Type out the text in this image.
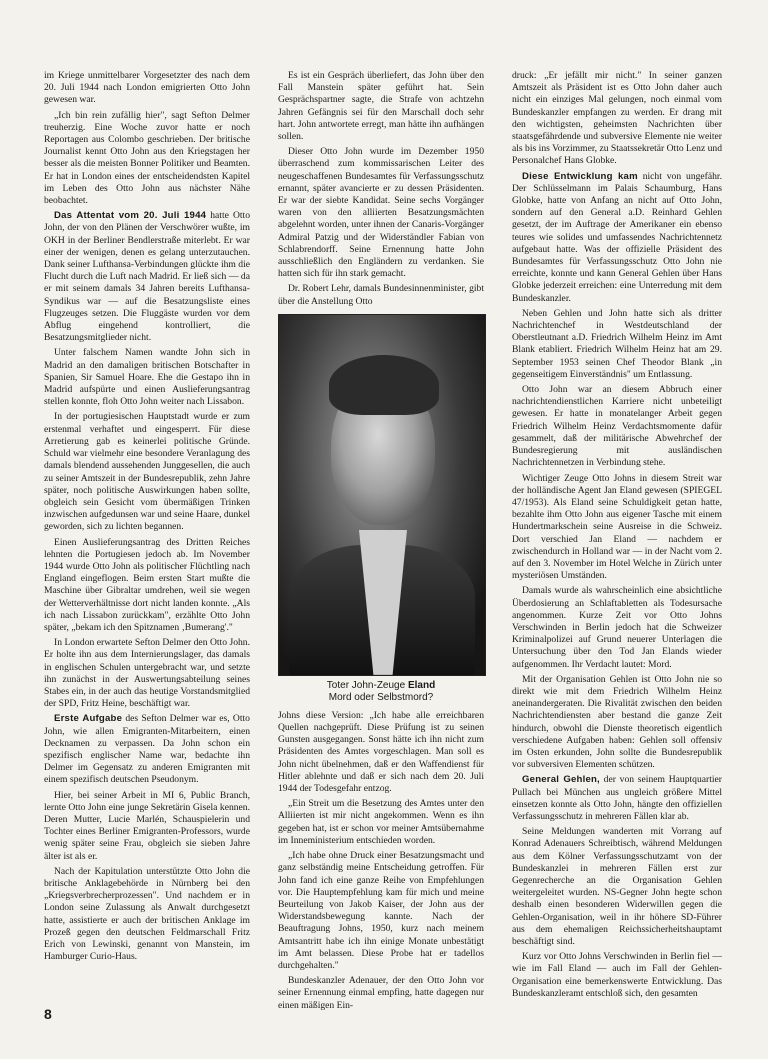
im Kriege unmittelbarer Vorgesetzter des nach dem 20. Juli 1944 nach London emigrierten Otto John gewesen war.

„Ich bin rein zufällig hier", sagt Sefton Delmer treuherzig. Eine Woche zuvor hatte er noch Reportagen aus Colombo geschrieben. Der britische Journalist kennt Otto John aus den Kriegstagen her besser als die meisten Bonner Politiker und Beamten. Er hat in London eines der entscheidendsten Kapitel im Leben des Otto John aus nächster Nähe beobachtet.

Das Attentat vom 20. Juli 1944 hatte Otto John, der von den Plänen der Verschwörer wußte, im OKH in der Berliner Bendlerstraße miterlebt. Er war einer der wenigen, denen es gelang unterzutauchen. Dank seiner Lufthansa-Verbindungen glückte ihm die Flucht durch die Luft nach Madrid. Er ließ sich — da er mit seinem damals 34 Jahren bereits Lufthansa-Syndikus war — auf die Besatzungsliste eines Flugzeuges setzen. Die Fluggäste wurden vor dem Abflug eingehend kontrolliert, die Besatzungsmitglieder nicht.

Unter falschem Namen wandte John sich in Madrid an den damaligen britischen Botschafter in Spanien, Sir Samuel Hoare. Ehe die Gestapo ihn in Madrid aufspürte und einen Auslieferungsantrag stellen konnte, floh Otto John weiter nach Lissabon.

In der portugiesischen Hauptstadt wurde er zum erstenmal verhaftet und eingesperrt. Für diese Arretierung gab es keinerlei politische Gründe. Schuld war vielmehr eine besondere Veranlagung des damals blendend aussehenden Junggesellen, die auch zu seiner Amtszeit in der Bundesrepublik, zehn Jahre später, noch politische Auswirkungen haben sollte, obgleich sein Gesicht vom übermäßigen Trinken inzwischen aufgedunsen war und seine Haare, dunkel geworden, sich zu lichten begannen.

Einen Auslieferungsantrag des Dritten Reiches lehnten die Portugiesen jedoch ab. Im November 1944 wurde Otto John als politischer Flüchtling nach England eingeflogen. Beim ersten Start mußte die Maschine über Gibraltar umdrehen, weil sie wegen der Wetterverhältnisse dort nicht landen konnte. „Als ich nach Lissabon zurückkam", erzählte Otto John später, „bekam ich den Spitznamen ‚Bumerang'."

In London erwartete Sefton Delmer den Otto John. Er holte ihn aus dem Internierungslager, das damals in englischen Schulen untergebracht war, und setzte ihn zunächst in der Auswertungsabteilung seines Stabes ein, in der auch das heutige Vorstandsmitglied der SPD, Fritz Heine, beschäftigt war.

Erste Aufgabe des Sefton Delmer war es, Otto John, wie allen Emigranten-Mitarbeitern, einen Decknamen zu verpassen. Da John schon ein spezifisch englischer Name war, bedachte ihn Delmer im Gegensatz zu anderen Emigranten mit einem spezifisch deutschen Pseudonym.

Hier, bei seiner Arbeit in MI 6, Public Branch, lernte Otto John eine junge Sekretärin Gisela kennen. Deren Mutter, Lucie Marlén, Schauspielerin und Tochter eines Berliner Emigranten-Professors, wurde wenig später seine Frau, obgleich sie sieben Jahre älter ist als er.

Nach der Kapitulation unterstützte Otto John die britische Anklagebehörde in Nürnberg bei den „Kriegsverbrecherprozessen". Und nachdem er in London seine Zulassung als Anwalt durchgesetzt hatte, assistierte er auch der britischen Anklage im Prozeß gegen den deutschen Feldmarschall Fritz Erich von Lewinski, genannt von Manstein, im Hamburger Curio-Haus.

Es ist ein Gespräch überliefert, das John über den Fall Manstein später geführt hat. Sein Gesprächspartner sagte, die Strafe von achtzehn Jahren Gefängnis sei für den Marschall doch sehr hart. John antwortete erregt, man hätte ihn aufhängen sollen.

Dieser Otto John wurde im Dezember 1950 überraschend zum kommissarischen Leiter des neugeschaffenen Bundesamtes für Verfassungsschutz ernannt, später avancierte er zu dessen Präsidenten. Er war der siebte Kandidat. Seine sechs Vorgänger waren von den alliierten Besatzungsmächten abgelehnt worden, unter ihnen der Canaris-Vorgänger Admiral Patzig und der Widerständler Fabian von Schlabrendorff. Seine Ernennung hatte John ausschließlich den Engländern zu verdanken. Sie hatten sich für ihn stark gemacht.

Dr. Robert Lehr, damals Bundesinnenminister, gibt über die Anstellung Otto

Toter John-Zeuge Eland
Mord oder Selbstmord?

Johns diese Version: „Ich habe alle erreichbaren Quellen nachgeprüft. Diese Prüfung ist zu seinen Gunsten ausgegangen. Sonst hätte ich ihn nicht zum Präsidenten des Amtes vorgeschlagen. Man soll es John nicht übelnehmen, daß er den Waffendienst für Hitler ablehnte und daß er sich nach dem 20. Juli 1944 der Todesgefahr entzog.

„Ein Streit um die Besetzung des Amtes unter den Alliierten ist mir nicht angekommen. Wenn es ihn gegeben hat, ist er schon vor meiner Amtsübernahme im Inneministerium entschieden worden.

„Ich habe ohne Druck einer Besatzungsmacht und ganz selbständig meine Entscheidung getroffen. Für John fand ich eine ganze Reihe von Empfehlungen vor. Die Hauptempfehlung kam für mich und meine Beurteilung von Jakob Kaiser, der John aus der Widerstandsbewegung kannte. Nach der Beauftragung Johns, 1950, kurz nach meinem Amtsantritt habe ich ihn einige Monate unbestätigt im Amt belassen. Diese Probe hat er tadellos durchgehalten."

Bundeskanzler Adenauer, der den Otto John vor seiner Ernennung einmal empfing, hatte dagegen nur einen mäßigen Ein-

druck: „Er jefällt mir nicht." In seiner ganzen Amtszeit als Präsident ist es Otto John daher auch nicht ein einziges Mal gelungen, noch einmal vom Bundeskanzler empfangen zu werden. Er drang mit den wichtigsten, geheimsten Nachrichten über staatsgefährdende und subversive Elemente nie weiter als bis ins Vorzimmer, zu Staatssekretär Otto Lenz und Personalchef Hans Globke.

Diese Entwicklung kam nicht von ungefähr. Der Schlüsselmann im Palais Schaumburg, Hans Globke, hatte von Anfang an nicht auf Otto John, sondern auf den General a.D. Reinhard Gehlen gesetzt, der im Auftrage der Amerikaner ein ebenso teures wie solides und umfassendes Nachrichtennetz aufgebaut hatte. Was der offizielle Präsident des Bundesamtes für Verfassungsschutz Otto John nie erreichte, konnte und kann General Gehlen über Hans Globke jederzeit erreichen: eine Unterredung mit dem Bundeskanzler.

Neben Gehlen und John hatte sich als dritter Nachrichtenchef in Westdeutschland der Oberstleutnant a.D. Friedrich Wilhelm Heinz im Amt Blank etabliert. Friedrich Wilhelm Heinz hat am 29. September 1953 seinen Chef Theodor Blank „in gegenseitigem Einverständnis" um Entlassung.

Otto John war an diesem Abbruch einer nachrichtendienstlichen Karriere nicht unbeteiligt gewesen. Er hatte in monatelanger Arbeit gegen Friedrich Wilhelm Heinz Verdachtsmomente dafür gesammelt, daß der militärische Abwehrchef der Bundesregierung mit ausländischen Nachrichtennetzen in Verbindung stehe.

Wichtiger Zeuge Otto Johns in diesem Streit war der holländische Agent Jan Eland gewesen (SPIEGEL 47/1953). Als Eland seine Schuldigkeit getan hatte, bezahlte ihm Otto John aus eigener Tasche mit einem Hundertmarkschein seine Ausreise in die Schweiz. Dort verschied Jan Eland — nachdem er zwischendurch in Holland war — in der Nacht vom 2. auf den 3. November im Hotel Welche in Zürich unter mysteriösen Umständen.

Damals wurde als wahrscheinlich eine absichtliche Überdosierung an Schlaftabletten als Todesursache angenommen. Kurze Zeit vor Otto Johns Verschwinden in Berlin jedoch hat die Schweizer Kriminalpolizei auf Grund neuerer Unterlagen die Untersuchung über den Tod Jan Elands wieder aufgenommen. Ihr Verdacht lautet: Mord.

Mit der Organisation Gehlen ist Otto John nie so direkt wie mit dem Friedrich Wilhelm Heinz aneinandergeraten. Die Rivalität zwischen den beiden Nachrichtendiensten aber bestand die ganze Zeit hindurch, obwohl die Dienste theoretisch eigentlich verschiedene Aufgaben haben: Gehlen soll offensiv im Osten erkunden, John sollte die Bundesrepublik vor subversiven Elementen schützen.

General Gehlen, der von seinem Hauptquartier Pullach bei München aus ungleich größere Mittel einsetzen konnte als Otto John, hängte den offiziellen Verfassungsschutz in mehreren Fällen klar ab.

Seine Meldungen wanderten mit Vorrang auf Konrad Adenauers Schreibtisch, während Meldungen aus dem Kölner Verfassungsschutzamt von der Bundeskanzlei in mehreren Fällen erst zur Gegenrecherche an die Organisation Gehlen weitergeleitet wurden. NS-Gegner John hegte schon deshalb einen besonderen Widerwillen gegen die Gehlen-Organisation, weil in ihr höhere SD-Führer aus dem ehemaligen Reichssicherheitshauptamt beschäftigt sind.

Kurz vor Otto Johns Verschwinden in Berlin fiel — wie im Fall Eland — auch im Fall der Gehlen-Organisation eine bemerkenswerte Entwicklung. Das Bundeskanzleramt entschloß sich, den gesamten

8
